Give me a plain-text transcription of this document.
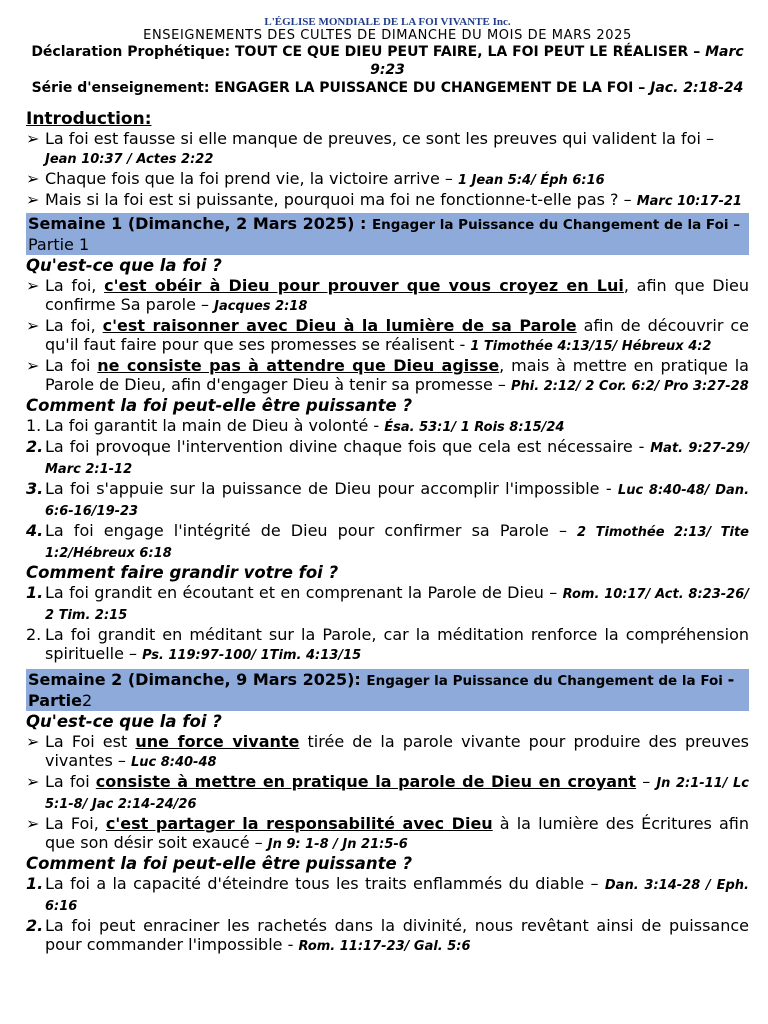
L'ÉGLISE MONDIALE DE LA FOI VIVANTE Inc.
ENSEIGNEMENTS DES CULTES DE DIMANCHE DU MOIS DE MARS 2025
Déclaration Prophétique: TOUT CE QUE DIEU PEUT FAIRE, LA FOI PEUT LE RÉALISER – Marc 9:23
Série d'enseignement: ENGAGER LA PUISSANCE DU CHANGEMENT DE LA FOI – Jac. 2:18-24
Introduction:
➢ La foi est fausse si elle manque de preuves, ce sont les preuves qui valident la foi –
Jean 10:37 / Actes 2:22
➢ Chaque fois que la foi prend vie, la victoire arrive – 1 Jean 5:4/ Éph 6:16
➢ Mais si la foi est si puissante, pourquoi ma foi ne fonctionne-t-elle pas ? – Marc 10:17-21
Semaine 1 (Dimanche, 2 Mars 2025) : Engager la Puissance du Changement de la Foi – Partie 1
Qu'est-ce que la foi ?
➢ La foi, c'est obéir à Dieu pour prouver que vous croyez en Lui, afin que Dieu confirme Sa parole – Jacques 2:18
➢ La foi, c'est raisonner avec Dieu à la lumière de sa Parole afin de découvrir ce qu'il faut faire pour que ses promesses se réalisent - 1 Timothée 4:13/15/ Hébreux 4:2
➢ La foi ne consiste pas à attendre que Dieu agisse, mais à mettre en pratique la Parole de Dieu, afin d'engager Dieu à tenir sa promesse – Phi. 2:12/ 2 Cor. 6:2/ Pro 3:27-28
Comment la foi peut-elle être puissante ?
1. La foi garantit la main de Dieu à volonté - Ésa. 53:1/ 1 Rois 8:15/24
2. La foi provoque l'intervention divine chaque fois que cela est nécessaire - Mat. 9:27-29/ Marc 2:1-12
3. La foi s'appuie sur la puissance de Dieu pour accomplir l'impossible - Luc 8:40-48/ Dan. 6:6-16/19-23
4. La foi engage l'intégrité de Dieu pour confirmer sa Parole – 2 Timothée 2:13/ Tite 1:2/Hébreux 6:18
Comment faire grandir votre foi ?
1. La foi grandit en écoutant et en comprenant la Parole de Dieu – Rom. 10:17/ Act. 8:23-26/ 2 Tim. 2:15
2. La foi grandit en méditant sur la Parole, car la méditation renforce la compréhension spirituelle – Ps. 119:97-100/ 1Tim. 4:13/15
Semaine 2 (Dimanche, 9 Mars 2025): Engager la Puissance du Changement de la Foi - Partie2
Qu'est-ce que la foi ?
➢ La Foi est une force vivante tirée de la parole vivante pour produire des preuves vivantes – Luc 8:40-48
➢ La foi consiste à mettre en pratique la parole de Dieu en croyant – Jn 2:1-11/ Lc 5:1-8/ Jac 2:14-24/26
➢ La Foi, c'est partager la responsabilité avec Dieu à la lumière des Écritures afin que son désir soit exaucé – Jn 9: 1-8 / Jn 21:5-6
Comment la foi peut-elle être puissante ?
1. La foi a la capacité d'éteindre tous les traits enflammés du diable – Dan. 3:14-28 / Eph. 6:16
2. La foi peut enraciner les rachetés dans la divinité, nous revêtant ainsi de puissance pour commander l'impossible - Rom. 11:17-23/ Gal. 5:6
